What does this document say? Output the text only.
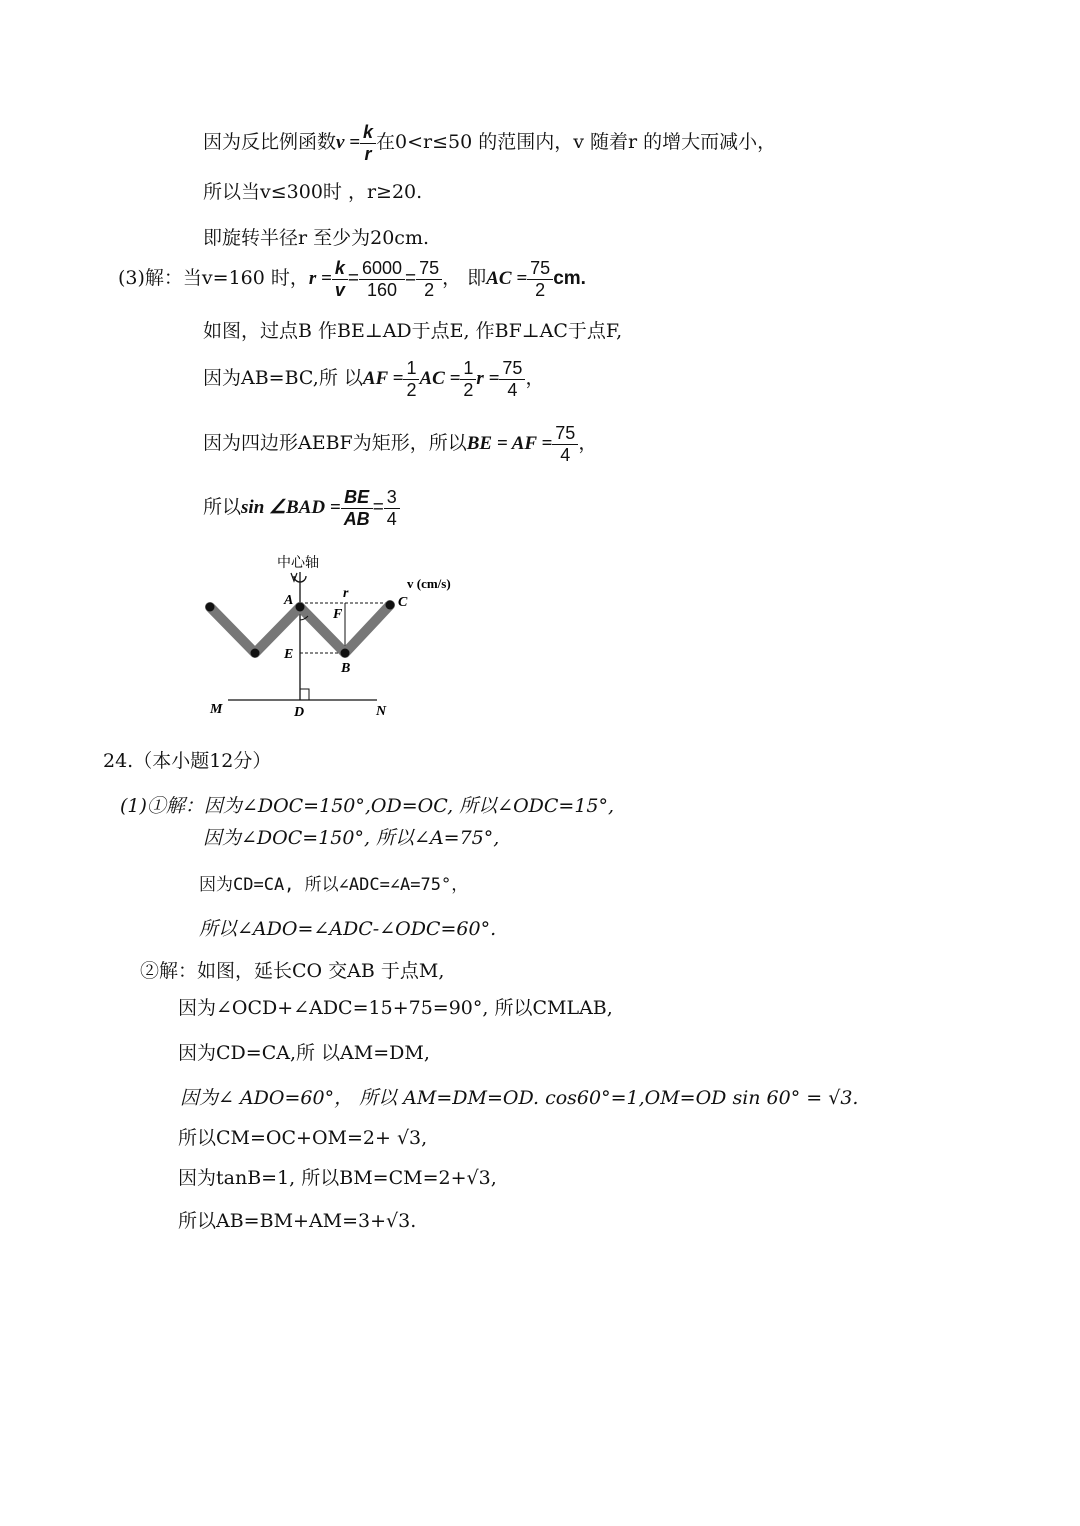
因为反比例函数$v = \frac{k}{r}$ 在0<r≤50 的范围内，v 随着r 的增大而减小，
所以当v≤300时 ，r≥20.
即旋转半径r 至少为20cm.
(3)解：当v=160 时，$r = \frac{k}{v} = \frac{6000}{160} = \frac{75}{2}$ ， 即AC = $\frac{75}{2}$ cm.
如图，过点B 作BE⊥AD于点E, 作BF⊥AC于点F,
因为AB=BC,所 以AF = $\frac{1}{2}$ AC = $\frac{1}{2}$ $r = \frac{75}{4}$ ，
因为四边形AEBF为矩形，所以BE = AF = $\frac{75}{4}$ ，
所以sin ∠BAD = $\frac{BE}{AB} = \frac{3}{4}$
中心轴
A	r
F
C
v (cm/s)
E
B
M	D	N
24.（本小题12分）
(1)①解：因为∠DOC=150°,OD=OC, 所以∠ODC=15°,
因为∠DOC=150°, 所以∠A=75°,
因为CD=CA, 所以∠ADC=∠A=75°，
所以∠ADO=∠ADC-∠ODC=60°.
②解：如图，延长CO 交AB 于点M,
因为∠OCD+∠ADC=15+75=90°, 所以CMLAB,
因为CD=CA,所 以AM=DM,
因为∠ ADO=60°， 所以 AM=DM=OD. cos60°=1,OM=OD sin 60° = √3.
所以CM=OC+OM=2+ √3,
因为tanB=1, 所以BM=CM=2+√3,
所以AB=BM+AM=3+√3.
